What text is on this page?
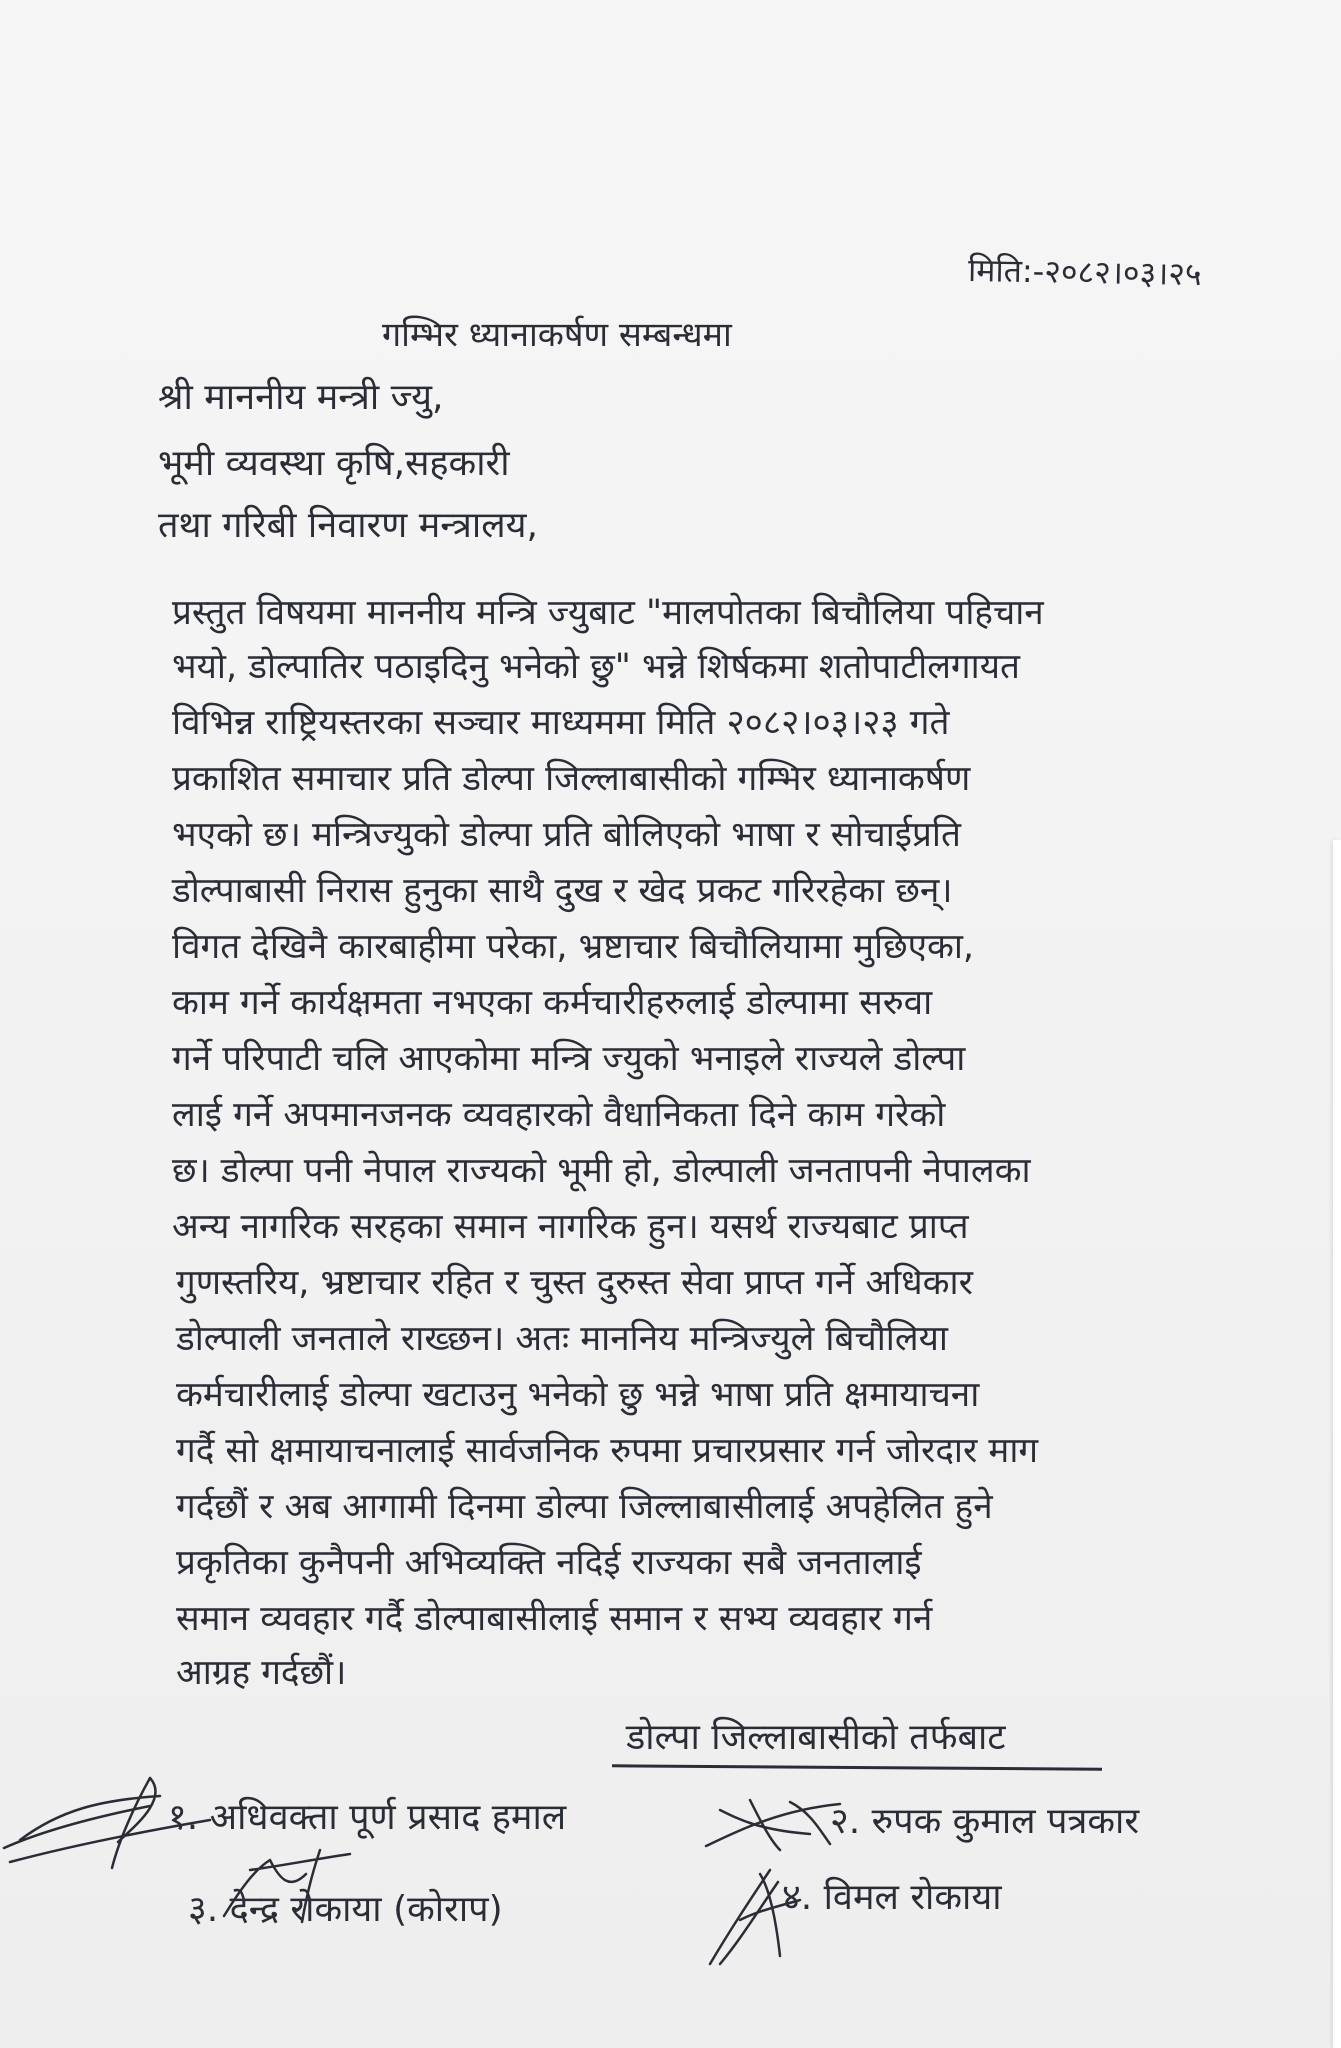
मिति:-२०८२।०३।२५
गम्भिर ध्यानाकर्षण सम्बन्धमा
श्री माननीय मन्त्री ज्यु,
भूमी व्यवस्था कृषि,सहकारी
तथा गरिबी निवारण मन्त्रालय,
प्रस्तुत विषयमा माननीय मन्त्रि ज्युबाट "मालपोतका बिचौलिया पहिचान
भयो, डोल्पातिर पठाइदिनु भनेको छु" भन्ने शिर्षकमा शतोपाटीलगायत
विभिन्न राष्ट्रियस्तरका सञ्चार माध्यममा मिति २०८२।०३।२३ गते
प्रकाशित समाचार प्रति डोल्पा जिल्लाबासीको गम्भिर ध्यानाकर्षण
भएको छ। मन्त्रिज्युको डोल्पा प्रति बोलिएको भाषा र सोचाईप्रति
डोल्पाबासी निरास हुनुका साथै दुख र खेद प्रकट गरिरहेका छन्।
विगत देखिनै कारबाहीमा परेका, भ्रष्टाचार बिचौलियामा मुछिएका,
काम गर्ने कार्यक्षमता नभएका कर्मचारीहरुलाई डोल्पामा सरुवा
गर्ने परिपाटी चलि आएकोमा मन्त्रि ज्युको भनाइले राज्यले डोल्पा
लाई गर्ने अपमानजनक व्यवहारको वैधानिकता दिने काम गरेको
छ। डोल्पा पनी नेपाल राज्यको भूमी हो, डोल्पाली जनतापनी नेपालका
अन्य नागरिक सरहका समान नागरिक हुन। यसर्थ राज्यबाट प्राप्त
गुणस्तरिय, भ्रष्टाचार रहित र चुस्त दुरुस्त सेवा प्राप्त गर्ने अधिकार
डोल्पाली जनताले राख्छन। अतः माननिय मन्त्रिज्युले बिचौलिया
कर्मचारीलाई डोल्पा खटाउनु भनेको छु भन्ने भाषा प्रति क्षमायाचना
गर्दै सो क्षमायाचनालाई सार्वजनिक रुपमा प्रचारप्रसार गर्न जोरदार माग
गर्दछौं र अब आगामी दिनमा डोल्पा जिल्लाबासीलाई अपहेलित हुने
प्रकृतिका कुनैपनी अभिव्यक्ति नदिई राज्यका सबै जनतालाई
समान व्यवहार गर्दै डोल्पाबासीलाई समान र सभ्य व्यवहार गर्न
आग्रह गर्दछौं।
डोल्पा जिल्लाबासीको तर्फबाट
१. अधिवक्ता पूर्ण प्रसाद हमाल	२. रुपक कुमाल पत्रकार
३. देन्द्र रोकाया (कोराप)	४. विमल रोकाया
